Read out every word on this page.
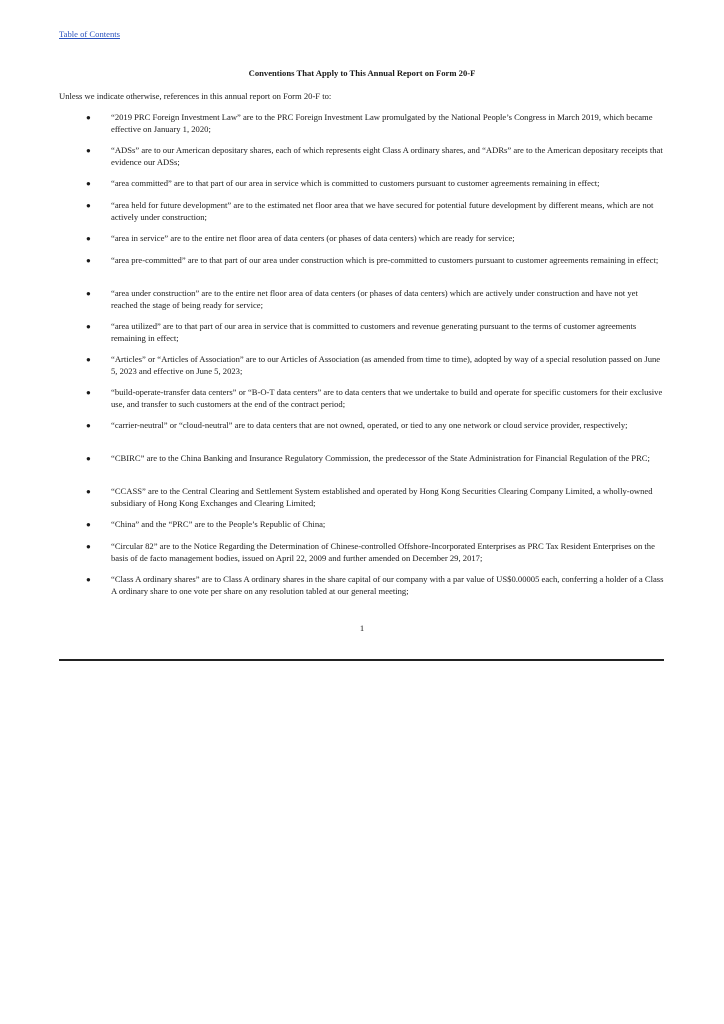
Table of Contents
Conventions That Apply to This Annual Report on Form 20-F
Unless we indicate otherwise, references in this annual report on Form 20-F to:
● “2019 PRC Foreign Investment Law” are to the PRC Foreign Investment Law promulgated by the National People’s Congress in March 2019, which became effective on January 1, 2020;
● “ADSs” are to our American depositary shares, each of which represents eight Class A ordinary shares, and “ADRs” are to the American depositary receipts that evidence our ADSs;
● “area committed” are to that part of our area in service which is committed to customers pursuant to customer agreements remaining in effect;
● “area held for future development” are to the estimated net floor area that we have secured for potential future development by different means, which are not actively under construction;
● “area in service” are to the entire net floor area of data centers (or phases of data centers) which are ready for service;
● “area pre-committed” are to that part of our area under construction which is pre-committed to customers pursuant to customer agreements remaining in effect;
● “area under construction” are to the entire net floor area of data centers (or phases of data centers) which are actively under construction and have not yet reached the stage of being ready for service;
● “area utilized” are to that part of our area in service that is committed to customers and revenue generating pursuant to the terms of customer agreements remaining in effect;
● “Articles” or “Articles of Association” are to our Articles of Association (as amended from time to time), adopted by way of a special resolution passed on June 5, 2023 and effective on June 5, 2023;
● “build-operate-transfer data centers” or “B-O-T data centers” are to data centers that we undertake to build and operate for specific customers for their exclusive use, and transfer to such customers at the end of the contract period;
● “carrier-neutral” or “cloud-neutral” are to data centers that are not owned, operated, or tied to any one network or cloud service provider, respectively;
● “CBIRC” are to the China Banking and Insurance Regulatory Commission, the predecessor of the State Administration for Financial Regulation of the PRC;
● “CCASS” are to the Central Clearing and Settlement System established and operated by Hong Kong Securities Clearing Company Limited, a wholly-owned subsidiary of Hong Kong Exchanges and Clearing Limited;
● “China” and the “PRC” are to the People’s Republic of China;
● “Circular 82” are to the Notice Regarding the Determination of Chinese-controlled Offshore-Incorporated Enterprises as PRC Tax Resident Enterprises on the basis of de facto management bodies, issued on April 22, 2009 and further amended on December 29, 2017;
● “Class A ordinary shares” are to Class A ordinary shares in the share capital of our company with a par value of US$0.00005 each, conferring a holder of a Class A ordinary share to one vote per share on any resolution tabled at our general meeting;
1
